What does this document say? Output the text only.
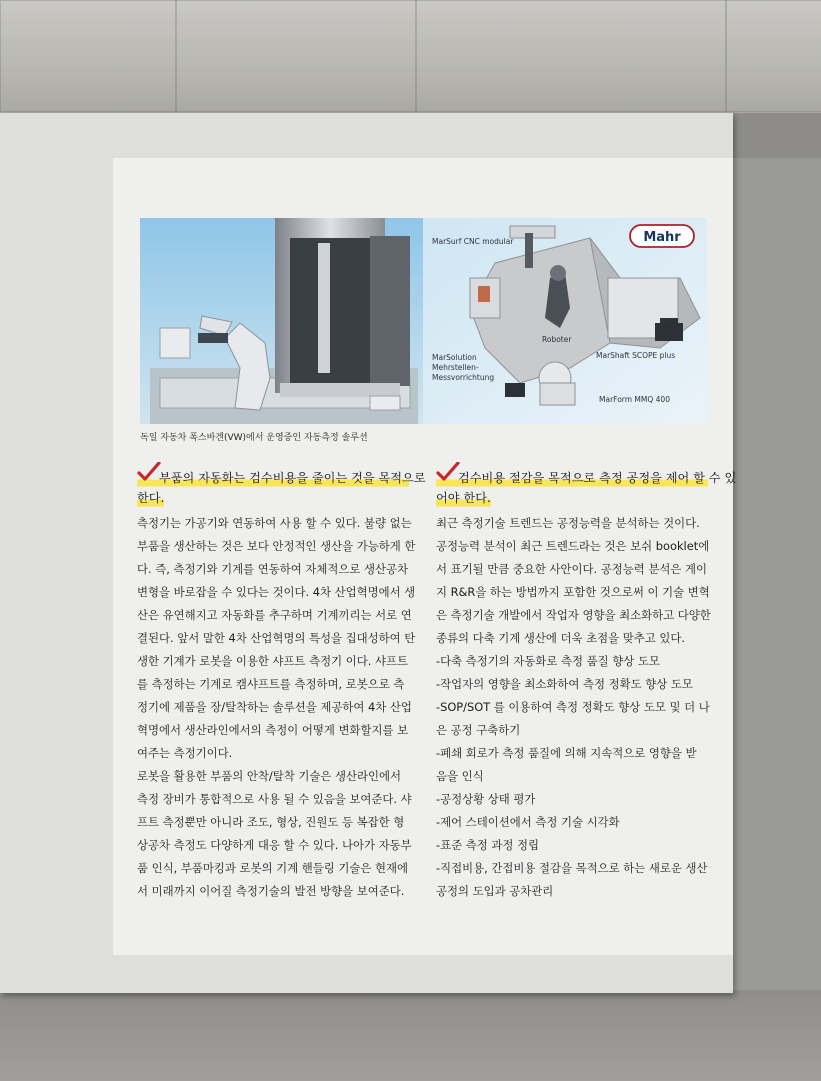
MarSurf CNC modular
Roboter
MarSolution
Mehrstellen-
Messvorrichtung
MarShaft SCOPE plus
MarForm MMQ 400
Mahr
독일 자동차 폭스바겐(VW)에서 운영중인 자동측정 솔루션
부품의 자동화는 검수비용을 줄이는 것을 목적으로
한다.

측정기는 가공기와 연동하여 사용 할 수 있다. 불량 없는
부품을 생산하는 것은 보다 안정적인 생산을 가능하게 한
다. 즉, 측정기와 기계를 연동하여 자체적으로 생산공차
변형을 바로잡을 수 있다는 것이다. 4차 산업혁명에서 생
산은 유연해지고 자동화를 추구하며 기계끼리는 서로 연
결된다. 앞서 말한 4차 산업혁명의 특성을 집대성하여 탄
생한 기계가 로봇을 이용한 샤프트 측정기 이다. 샤프트
를 측정하는 기계로 캠샤프트를 측정하며, 로봇으로 측
정기에 제품을 장/탈착하는 솔루션을 제공하여 4차 산업
혁명에서 생산라인에서의 측정이 어떻게 변화할지를 보
여주는 측정기이다.

로봇을 활용한 부품의 안착/탈착 기술은 생산라인에서
측정 장비가 통합적으로 사용 될 수 있음을 보여준다. 샤
프트 측정뿐만 아니라 조도, 형상, 진원도 등 복잡한 형
상공차 측정도 다양하게 대응 할 수 있다. 나아가 자동부
품 인식, 부품마킹과 로봇의 기계 핸들링 기술은 현재에
서 미래까지 이어질 측정기술의 발전 방향을 보여준다.

검수비용 절감을 목적으로 측정 공정을 제어 할 수 있
어야 한다.

최근 측정기술 트렌드는 공정능력을 분석하는 것이다.
공정능력 분석이 최근 트렌드라는 것은 보쉬 booklet에
서 표기될 만큼 중요한 사안이다. 공정능력 분석은 게이
지 R&R을 하는 방법까지 포함한 것으로써 이 기술 변혁
은 측정기술 개발에서 작업자 영향을 최소화하고 다양한
종류의 다축 기계 생산에 더욱 초점을 맞추고 있다.

-다축 측정기의 자동화로 측정 품질 향상 도모
-작업자의 영향을 최소화하여 측정 정확도 향상 도모
-SOP/SOT 를 이용하여 측정 정확도 향상 도모 및 더 나
은 공정 구축하기
-폐쇄 회로가 측정 품질에 의해 지속적으로 영향을 받
음을 인식
-공정상황 상태 평가
-제어 스테이션에서 측정 기술 시각화
-표준 측정 과정 정립
-직접비용, 간접비용 절감을 목적으로 하는 새로운 생산
공정의 도입과 공차관리
